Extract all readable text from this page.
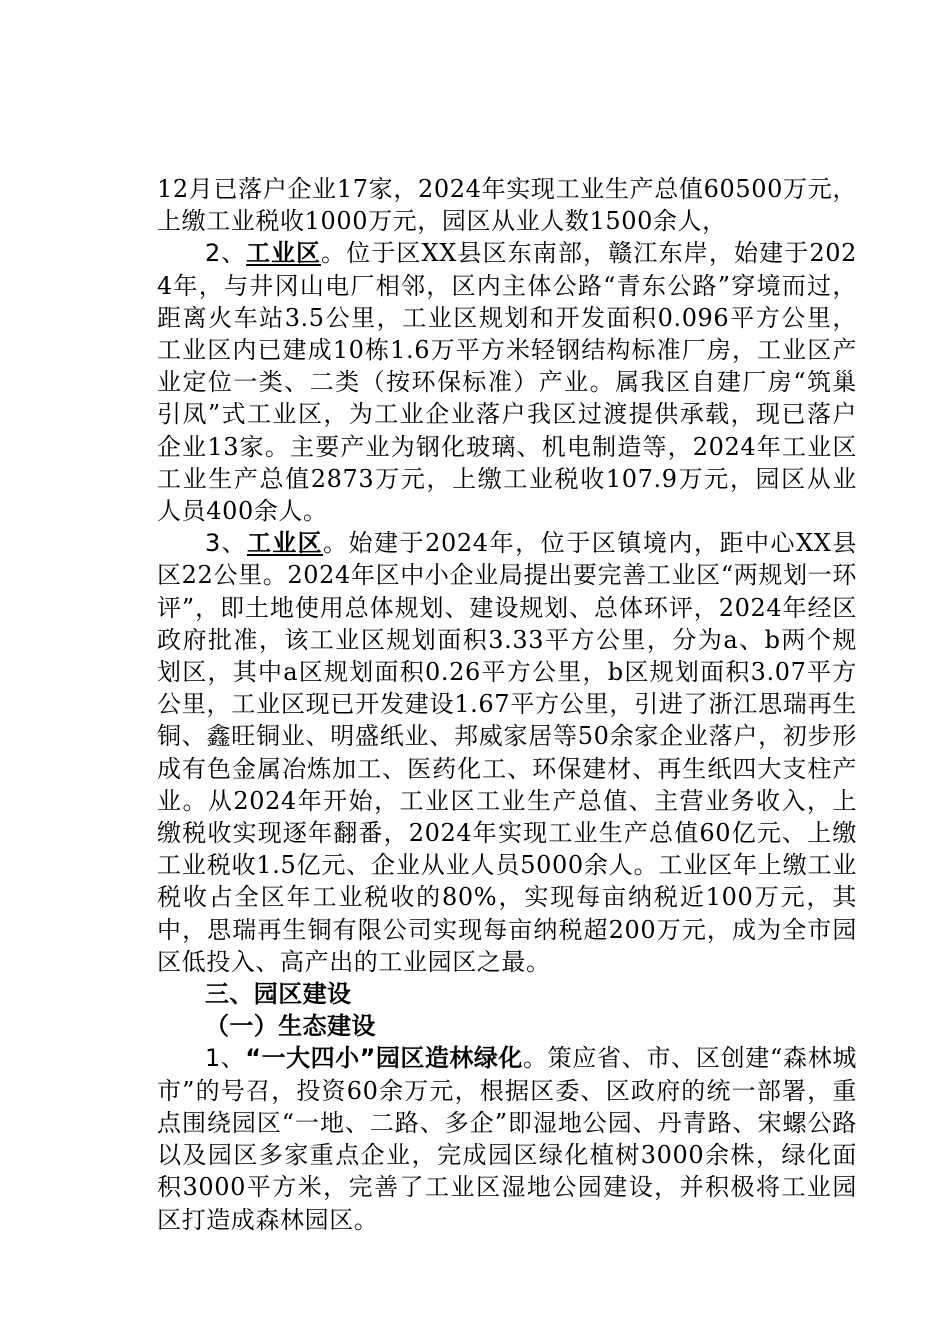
12月已落户企业17家，2024年实现工业生产总值60500万元，上缴工业税收1000万元，园区从业人数1500余人，

2、工业区。位于区XX县区东南部，赣江东岸，始建于2024年，与井冈山电厂相邻，区内主体公路“青东公路”穿境而过，距离火车站3.5公里，工业区规划和开发面积0.096平方公里，工业区内已建成10栋1.6万平方米轻钢结构标准厂房，工业区产业定位一类、二类（按环保标准）产业。属我区自建厂房“筑巢引凤”式工业区，为工业企业落户我区过渡提供承载，现已落户企业13家。主要产业为钢化玻璃、机电制造等，2024年工业区工业生产总值2873万元，上缴工业税收107.9万元，园区从业人员400余人。

3、工业区。始建于2024年，位于区镇境内，距中心XX县区22公里。2024年区中小企业局提出要完善工业区“两规划一环评”，即土地使用总体规划、建设规划、总体环评，2024年经区政府批准，该工业区规划面积3.33平方公里，分为a、b两个规划区，其中a区规划面积0.26平方公里，b区规划面积3.07平方公里，工业区现已开发建设1.67平方公里，引进了浙江思瑞再生铜、鑫旺铜业、明盛纸业、邦威家居等50余家企业落户，初步形成有色金属冶炼加工、医药化工、环保建材、再生纸四大支柱产业。从2024年开始，工业区工业生产总值、主营业务收入，上缴税收实现逐年翻番，2024年实现工业生产总值60亿元、上缴工业税收1.5亿元、企业从业人员5000余人。工业区年上缴工业税收占全区年工业税收的80%，实现每亩纳税近100万元，其中，思瑞再生铜有限公司实现每亩纳税超200万元，成为全市园区低投入、高产出的工业园区之最。

三、园区建设

（一）生态建设

1、“一大四小”园区造林绿化。策应省、市、区创建“森林城市”的号召，投资60余万元，根据区委、区政府的统一部署，重点围绕园区“一地、二路、多企”即湿地公园、丹青路、宋螺公路以及园区多家重点企业，完成园区绿化植树3000余株，绿化面积3000平方米，完善了工业区湿地公园建设，并积极将工业园区打造成森林园区。
